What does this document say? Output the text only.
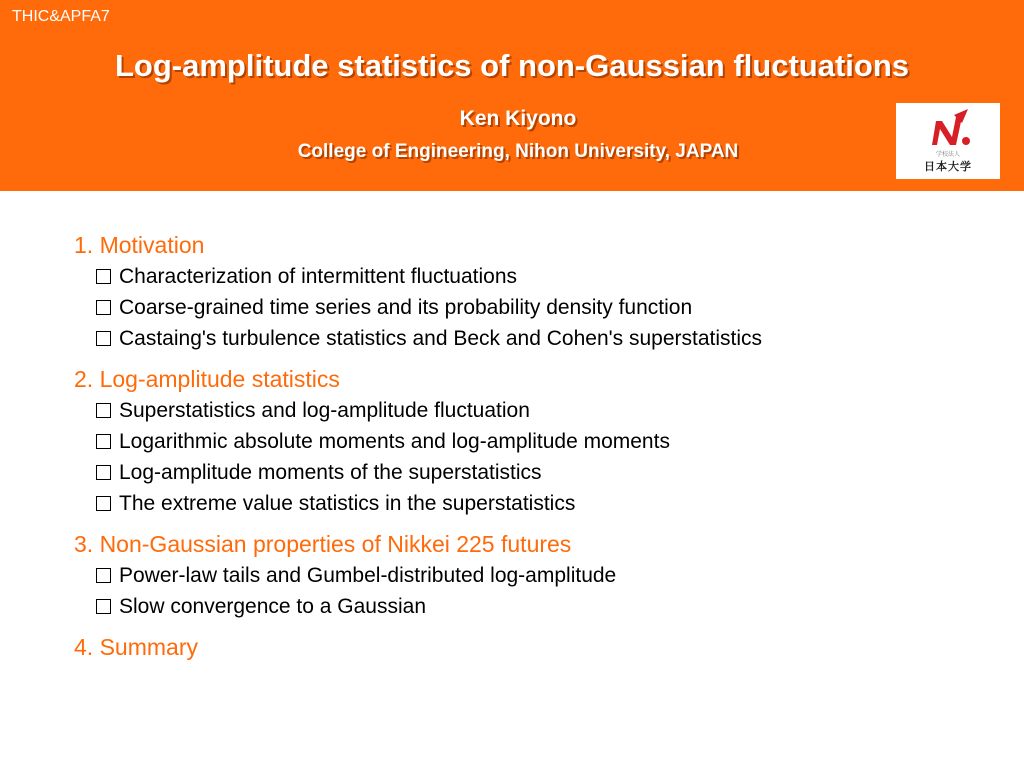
THIC&APFA7
Log-amplitude statistics of non-Gaussian fluctuations
Ken Kiyono
College of Engineering, Nihon University, JAPAN	学校法人
日本大学
1. Motivation
Characterization of intermittent fluctuations
Coarse-grained time series and its probability density function
Castaing's turbulence statistics and Beck and Cohen's superstatistics
2. Log-amplitude statistics
Superstatistics and log-amplitude fluctuation
Logarithmic absolute moments and log-amplitude moments
Log-amplitude moments of the superstatistics
The extreme value statistics in the superstatistics
3. Non-Gaussian properties of Nikkei 225 futures
Power-law tails and Gumbel-distributed log-amplitude
Slow convergence to a Gaussian
4. Summary
